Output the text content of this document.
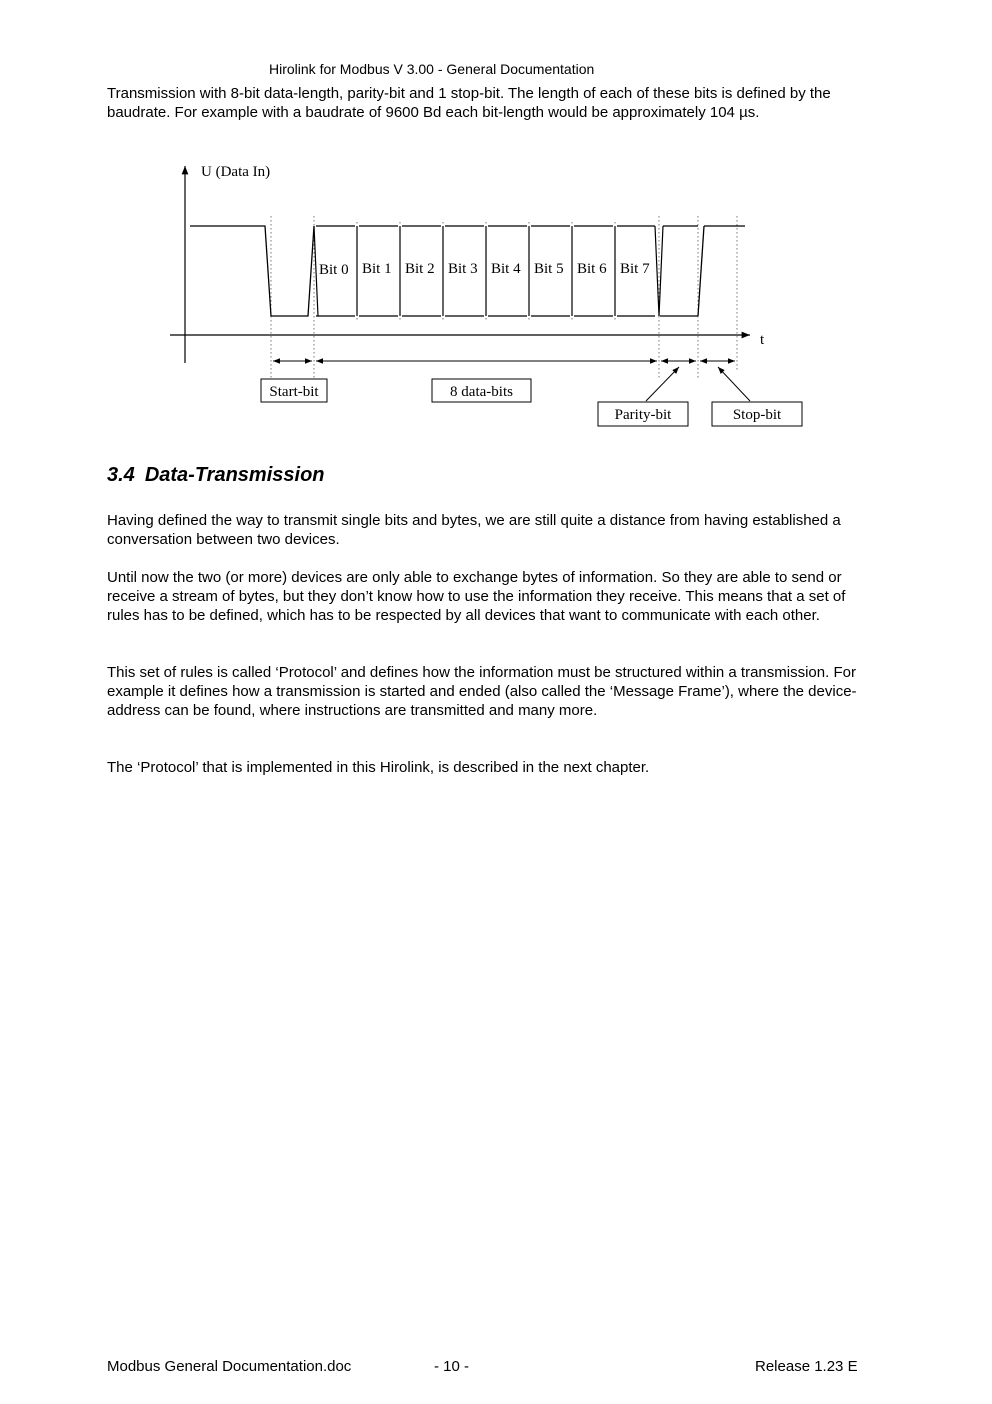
Hirolink for Modbus V 3.00 - General Documentation

Transmission with 8-bit data-length, parity-bit and 1 stop-bit. The length of each of these bits is defined by the baudrate. For example with a baudrate of 9600 Bd each bit-length would be approximately 104 µs.

U (Data In)
t
Bit 0 Bit 1 Bit 2 Bit 3 Bit 4 Bit 5 Bit 6 Bit 7
Start-bit	8 data-bits
Parity-bit	Stop-bit
3.4 Data-Transmission

Having defined the way to transmit single bits and bytes, we are still quite a distance from having established a conversation between two devices.

Until now the two (or more) devices are only able to exchange bytes of information. So they are able to send or receive a stream of bytes, but they don’t know how to use the information they receive. This means that a set of rules has to be defined, which has to be respected by all devices that want to communicate with each other.

This set of rules is called ‘Protocol’ and defines how the information must be structured within a transmission. For example it defines how a transmission is started and ended (also called the ‘Message Frame’), where the device-address can be found, where instructions are transmitted and many more.

The ‘Protocol’ that is implemented in this Hirolink, is described in the next chapter.

Modbus General Documentation.doc	- 10 -	Release 1.23 E
